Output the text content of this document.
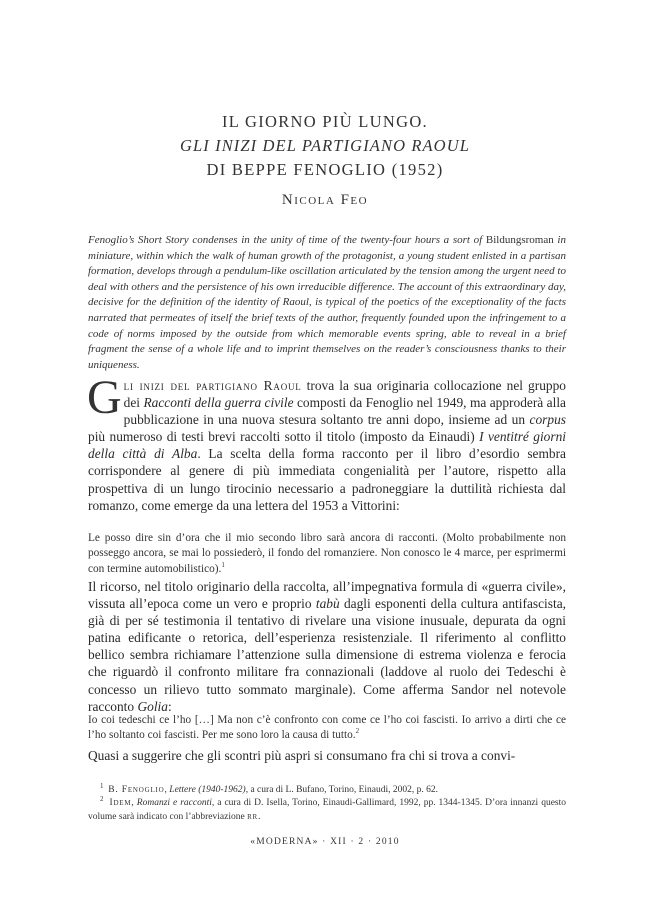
IL GIORNO PIÙ LUNGO.
GLI INIZI DEL PARTIGIANO RAOUL
DI BEPPE FENOGLIO (1952)
Nicola Feo
Fenoglio’s Short Story condenses in the unity of time of the twenty-four hours a sort of Bildungsroman in miniature, within which the walk of human growth of the protagonist, a young student enlisted in a partisan formation, develops through a pendulum-like oscillation articulated by the tension among the urgent need to deal with others and the persistence of his own irreducible difference. The account of this extraordinary day, decisive for the definition of the identity of Raoul, is typical of the poetics of the exceptionality of the facts narrated that permeates of itself the brief texts of the author, frequently founded upon the infringement to a code of norms imposed by the outside from which memorable events spring, able to reveal in a brief fragment the sense of a whole life and to imprint themselves on the reader’s consciousness thanks to their uniqueness.
Gli inizi del partigiano Raoul trova la sua originaria collocazione nel gruppo dei Racconti della guerra civile composti da Fenoglio nel 1949, ma approderà alla pubblicazione in una nuova stesura soltanto tre anni dopo, insieme ad un corpus più numeroso di testi brevi raccolti sotto il titolo (imposto da Einaudi) I ventitré giorni della città di Alba. La scelta della forma racconto per il libro d’esordio sembra corrispondere al genere di più immediata congenialità per l’autore, rispetto alla prospettiva di un lungo tirocinio necessario a padroneggiare la duttilità richiesta dal romanzo, come emerge da una lettera del 1953 a Vittorini:
Le posso dire sin d’ora che il mio secondo libro sarà ancora di racconti. (Molto probabilmente non posseggo ancora, se mai lo possiederò, il fondo del romanziere. Non conosco le 4 marce, per esprimermi con termine automobilistico).$^1$
Il ricorso, nel titolo originario della raccolta, all’impegnativa formula di «guerra civile», vissuta all’epoca come un vero e proprio tabù dagli esponenti della cultura antifascista, già di per sé testimonia il tentativo di rivelare una visione inusuale, depurata da ogni patina edificante o retorica, dell’esperienza resistenziale. Il riferimento al conflitto bellico sembra richiamare l’attenzione sulla dimensione di estrema violenza e ferocia che riguardò il confronto militare fra connazionali (laddove al ruolo dei Tedeschi è concesso un rilievo tutto sommato marginale). Come afferma Sandor nel notevole racconto Golia:
Io coi tedeschi ce l’ho […] Ma non c’è confronto con come ce l’ho coi fascisti. Io arrivo a dirti che ce l’ho soltanto coi fascisti. Per me sono loro la causa di tutto.$^2$
Quasi a suggerire che gli scontri più aspri si consumano fra chi si trova a convi-
$^1$ B. Fenoglio, Lettere (1940-1962), a cura di L. Bufano, Torino, Einaudi, 2002, p. 62.
$^2$ Idem, Romanzi e racconti, a cura di D. Isella, Torino, Einaudi-Gallimard, 1992, pp. 1344-1345. D’ora innanzi questo volume sarà indicato con l’abbreviazione rr.
«MODERNA» · XII · 2 · 2010
